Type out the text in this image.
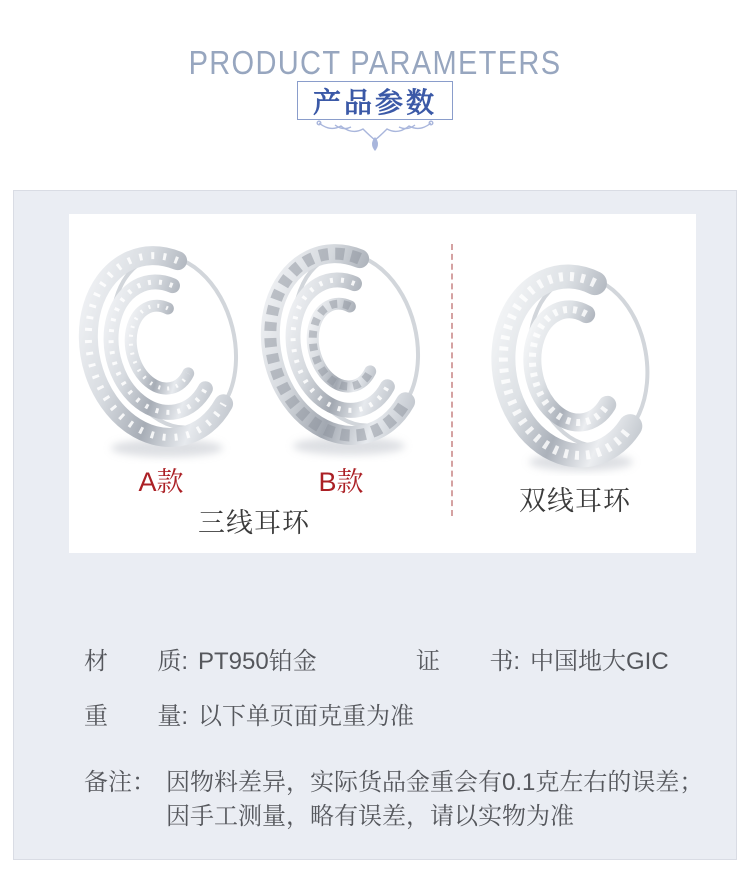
PRODUCT PARAMETERS
产品参数
A款	B款
三线耳环
双线耳环
材 质: PT950铂金	证 书: 中国地大GIC
重 量: 以下单页面克重为准
备 注： 因物料差异，实际货品金重会有0.1克左右的误差；
因手工测量，略有误差，请以实物为准
